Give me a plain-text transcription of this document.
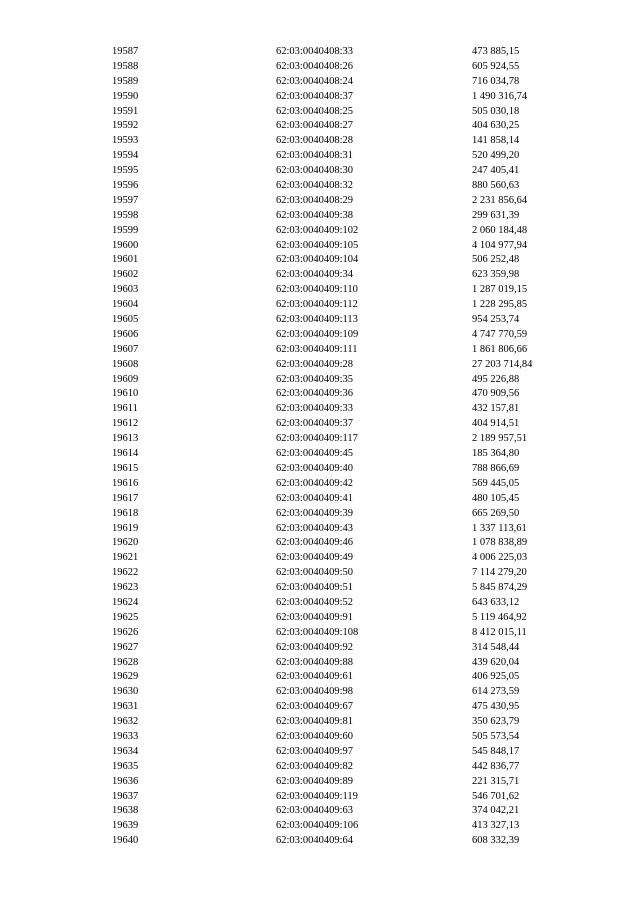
19587	62:03:0040408:33	473 885,15
19588	62:03:0040408:26	605 924,55
19589	62:03:0040408:24	716 034,78
19590	62:03:0040408:37	1 490 316,74
19591	62:03:0040408:25	505 030,18
19592	62:03:0040408:27	404 630,25
19593	62:03:0040408:28	141 858,14
19594	62:03:0040408:31	520 499,20
19595	62:03:0040408:30	247 405,41
19596	62:03:0040408:32	880 560,63
19597	62:03:0040408:29	2 231 856,64
19598	62:03:0040409:38	299 631,39
19599	62:03:0040409:102	2 060 184,48
19600	62:03:0040409:105	4 104 977,94
19601	62:03:0040409:104	506 252,48
19602	62:03:0040409:34	623 359,98
19603	62:03:0040409:110	1 287 019,15
19604	62:03:0040409:112	1 228 295,85
19605	62:03:0040409:113	954 253,74
19606	62:03:0040409:109	4 747 770,59
19607	62:03:0040409:111	1 861 806,66
19608	62:03:0040409:28	27 203 714,84
19609	62:03:0040409:35	495 226,88
19610	62:03:0040409:36	470 909,56
19611	62:03:0040409:33	432 157,81
19612	62:03:0040409:37	404 914,51
19613	62:03:0040409:117	2 189 957,51
19614	62:03:0040409:45	185 364,80
19615	62:03:0040409:40	788 866,69
19616	62:03:0040409:42	569 445,05
19617	62:03:0040409:41	480 105,45
19618	62:03:0040409:39	665 269,50
19619	62:03:0040409:43	1 337 113,61
19620	62:03:0040409:46	1 078 838,89
19621	62:03:0040409:49	4 006 225,03
19622	62:03:0040409:50	7 114 279,20
19623	62:03:0040409:51	5 845 874,29
19624	62:03:0040409:52	643 633,12
19625	62:03:0040409:91	5 119 464,92
19626	62:03:0040409:108	8 412 015,11
19627	62:03:0040409:92	314 548,44
19628	62:03:0040409:88	439 620,04
19629	62:03:0040409:61	406 925,05
19630	62:03:0040409:98	614 273,59
19631	62:03:0040409:67	475 430,95
19632	62:03:0040409:81	350 623,79
19633	62:03:0040409:60	505 573,54
19634	62:03:0040409:97	545 848,17
19635	62:03:0040409:82	442 836,77
19636	62:03:0040409:89	221 315,71
19637	62:03:0040409:119	546 701,62
19638	62:03:0040409:63	374 042,21
19639	62:03:0040409:106	413 327,13
19640	62:03:0040409:64	608 332,39
